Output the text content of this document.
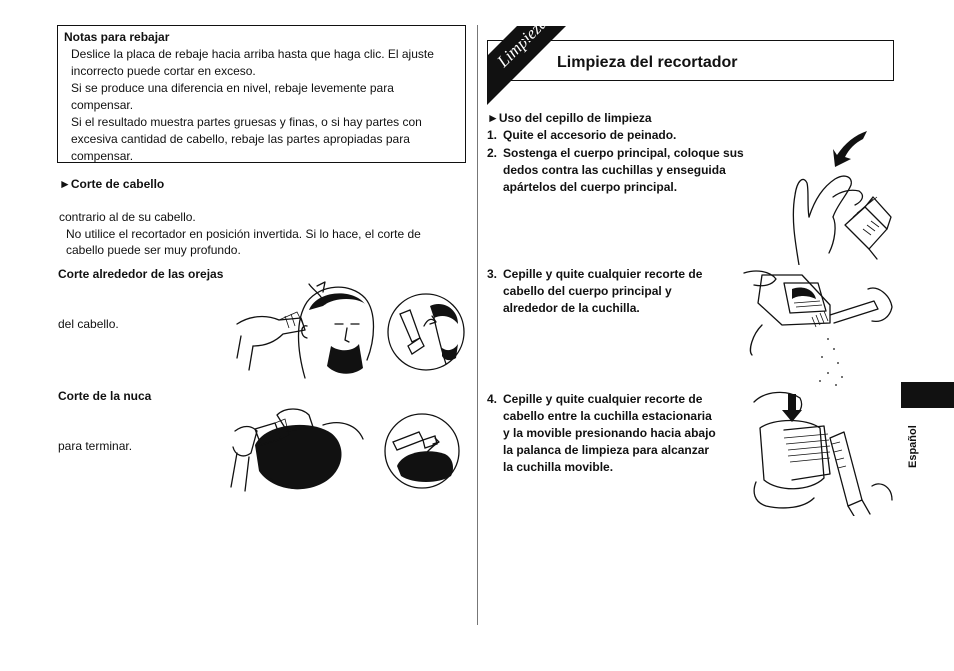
Notas para rebajar

Deslice la placa de rebaje hacia arriba hasta que haga clic. El ajuste

incorrecto puede cortar en exceso.

Si se produce una diferencia en nivel, rebaje levemente para

compensar.

Si el resultado muestra partes gruesas y finas, o si hay partes con

excesiva cantidad de cabello, rebaje las partes apropiadas para

compensar.

►Corte de cabello
contrario al de su cabello.
No utilice el recortador en posición invertida. Si lo hace, el corte de
cabello puede ser muy profundo.
Corte alrededor de las orejas
del cabello.
Corte de la nuca
para terminar.
Limpieza Limpieza del recortador
►Uso del cepillo de limpieza
1. Quite el accesorio de peinado.
2. Sostenga el cuerpo principal, coloque sus
dedos contra las cuchillas y enseguida
apártelos del cuerpo principal.
3. Cepille y quite cualquier recorte de
cabello del cuerpo principal y
alrededor de la cuchilla.
4. Cepille y quite cualquier recorte de
cabello entre la cuchilla estacionaria
y la movible presionando hacia abajo
la palanca de limpieza para alcanzar
la cuchilla movible.	Español
